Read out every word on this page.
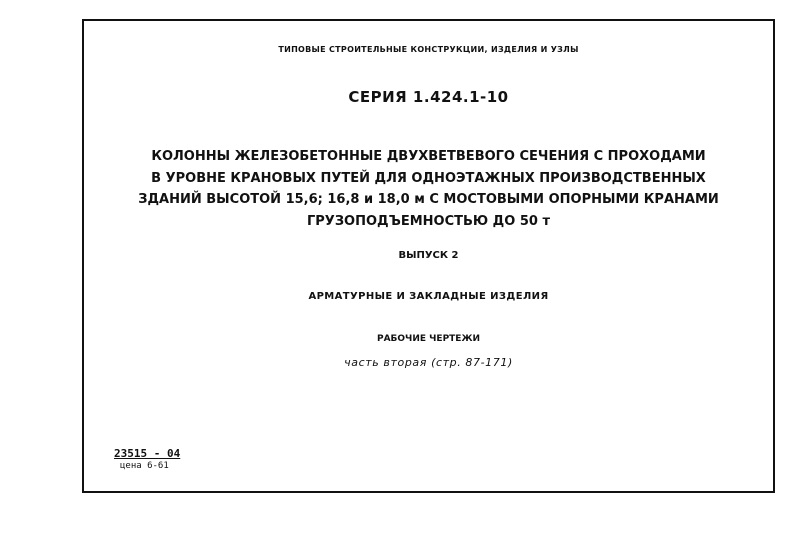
ТИПОВЫЕ СТРОИТЕЛЬНЫЕ КОНСТРУКЦИИ, ИЗДЕЛИЯ И УЗЛЫ
СЕРИЯ 1.424.1-10
КОЛОННЫ ЖЕЛЕЗОБЕТОННЫЕ ДВУХВЕТВЕВОГО СЕЧЕНИЯ С ПРОХОДАМИ
В УРОВНЕ КРАНОВЫХ ПУТЕЙ ДЛЯ ОДНОЭТАЖНЫХ ПРОИЗВОДСТВЕННЫХ
ЗДАНИЙ ВЫСОТОЙ 15,6; 16,8 и 18,0 м С МОСТОВЫМИ ОПОРНЫМИ КРАНАМИ
ГРУЗОПОДЪЕМНОСТЬЮ ДО 50 т
ВЫПУСК 2
АРМАТУРНЫЕ И ЗАКЛАДНЫЕ ИЗДЕЛИЯ
РАБОЧИЕ ЧЕРТЕЖИ
часть вторая (стр. 87-171)
23515 - 04
цена 6-61
